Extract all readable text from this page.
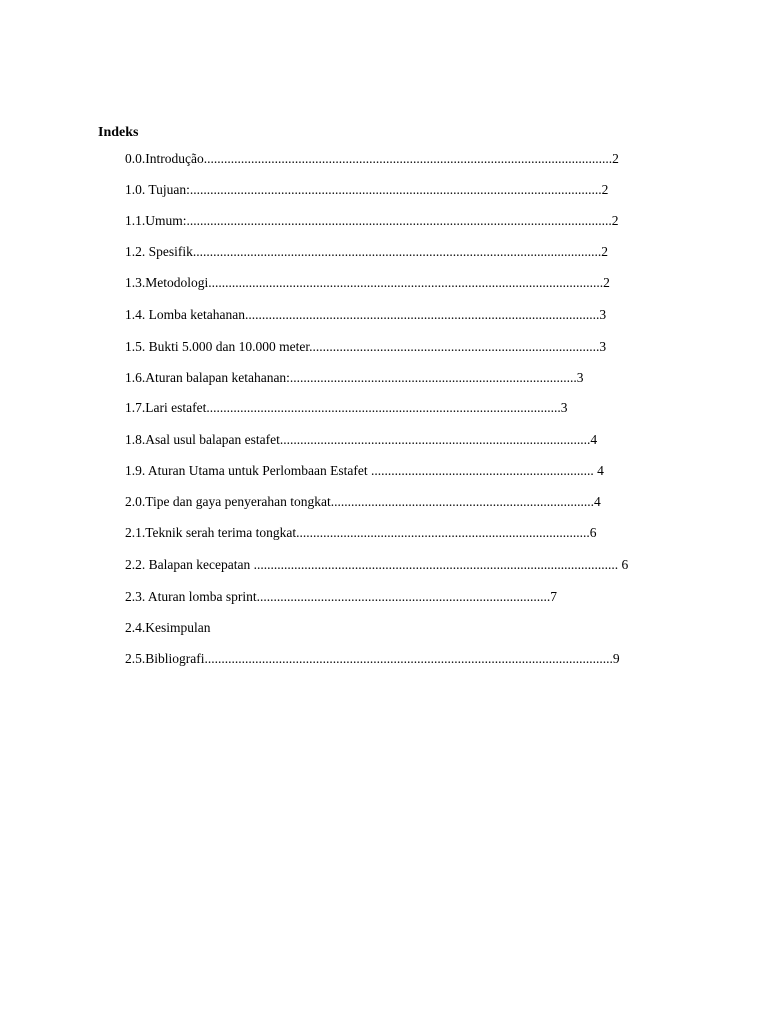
Indeks
0.0.Introdução.........................................................................................................................2
1.0. Tujuan:..........................................................................................................................2
1.1.Umum:..............................................................................................................................2
1.2. Spesifik.........................................................................................................................2
1.3.Metodologi.....................................................................................................................2
1.4. Lomba ketahanan.........................................................................................................3
1.5. Bukti 5.000 dan 10.000 meter......................................................................................3
1.6.Aturan balapan ketahanan:.....................................................................................3
1.7.Lari estafet.........................................................................................................3
1.8.Asal usul balapan estafet............................................................................................4
1.9. Aturan Utama untuk Perlombaan Estafet .................................................................. 4
2.0.Tipe dan gaya penyerahan tongkat..............................................................................4
2.1.Teknik serah terima tongkat.......................................................................................6
2.2. Balapan kecepatan ............................................................................................................ 6
2.3. Aturan lomba sprint.......................................................................................7
2.4.Kesimpulan
2.5.Bibliografi.........................................................................................................................9
